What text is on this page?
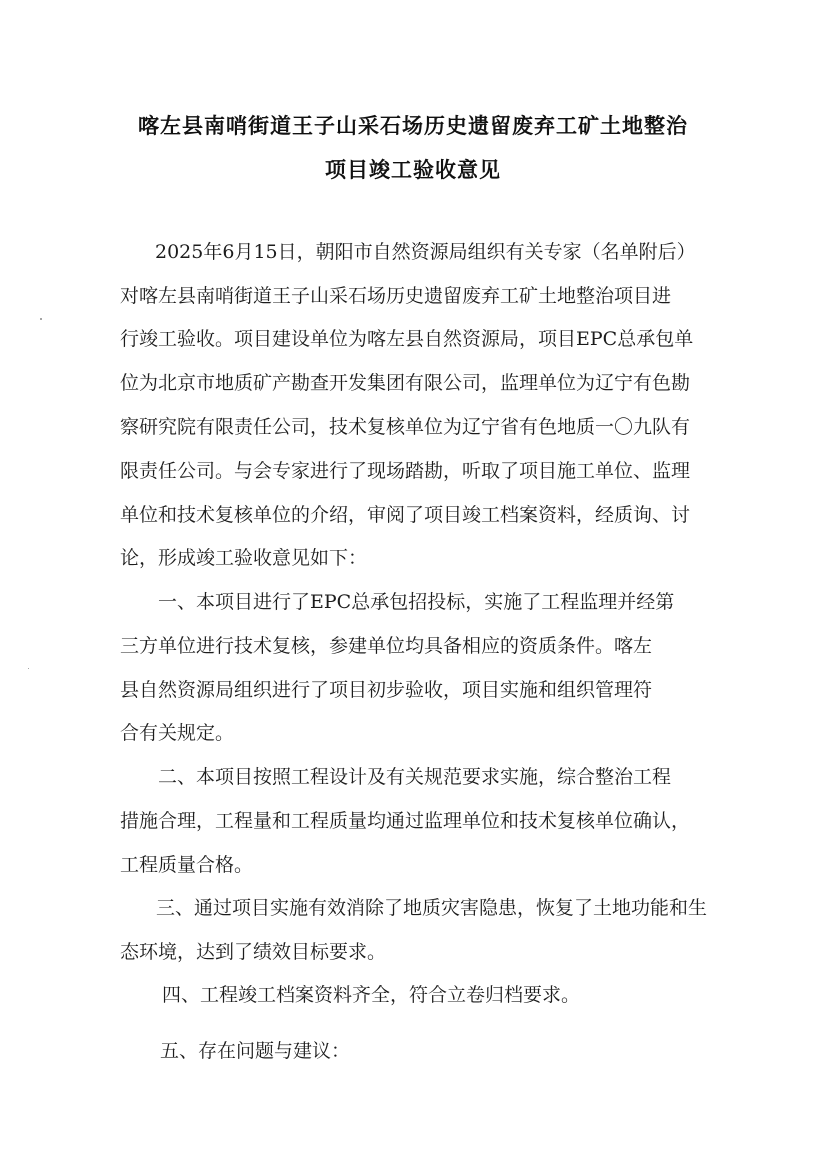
喀左县南哨街道王子山采石场历史遗留废弃工矿土地整治
项目竣工验收意见
2025年6月15日，朝阳市自然资源局组织有关专家（名单附后）
对喀左县南哨街道王子山采石场历史遗留废弃工矿土地整治项目进
行竣工验收。项目建设单位为喀左县自然资源局，项目EPC总承包单
位为北京市地质矿产勘查开发集团有限公司，监理单位为辽宁有色勘
察研究院有限责任公司，技术复核单位为辽宁省有色地质一〇九队有
限责任公司。与会专家进行了现场踏勘，听取了项目施工单位、监理
单位和技术复核单位的介绍，审阅了项目竣工档案资料，经质询、讨
论，形成竣工验收意见如下：
一、本项目进行了EPC总承包招投标，实施了工程监理并经第
三方单位进行技术复核，参建单位均具备相应的资质条件。喀左
县自然资源局组织进行了项目初步验收，项目实施和组织管理符
合有关规定。
二、本项目按照工程设计及有关规范要求实施，综合整治工程
措施合理，工程量和工程质量均通过监理单位和技术复核单位确认，
工程质量合格。
三、通过项目实施有效消除了地质灾害隐患，恢复了土地功能和生
态环境，达到了绩效目标要求。
四、工程竣工档案资料齐全，符合立卷归档要求。
五、存在问题与建议：
